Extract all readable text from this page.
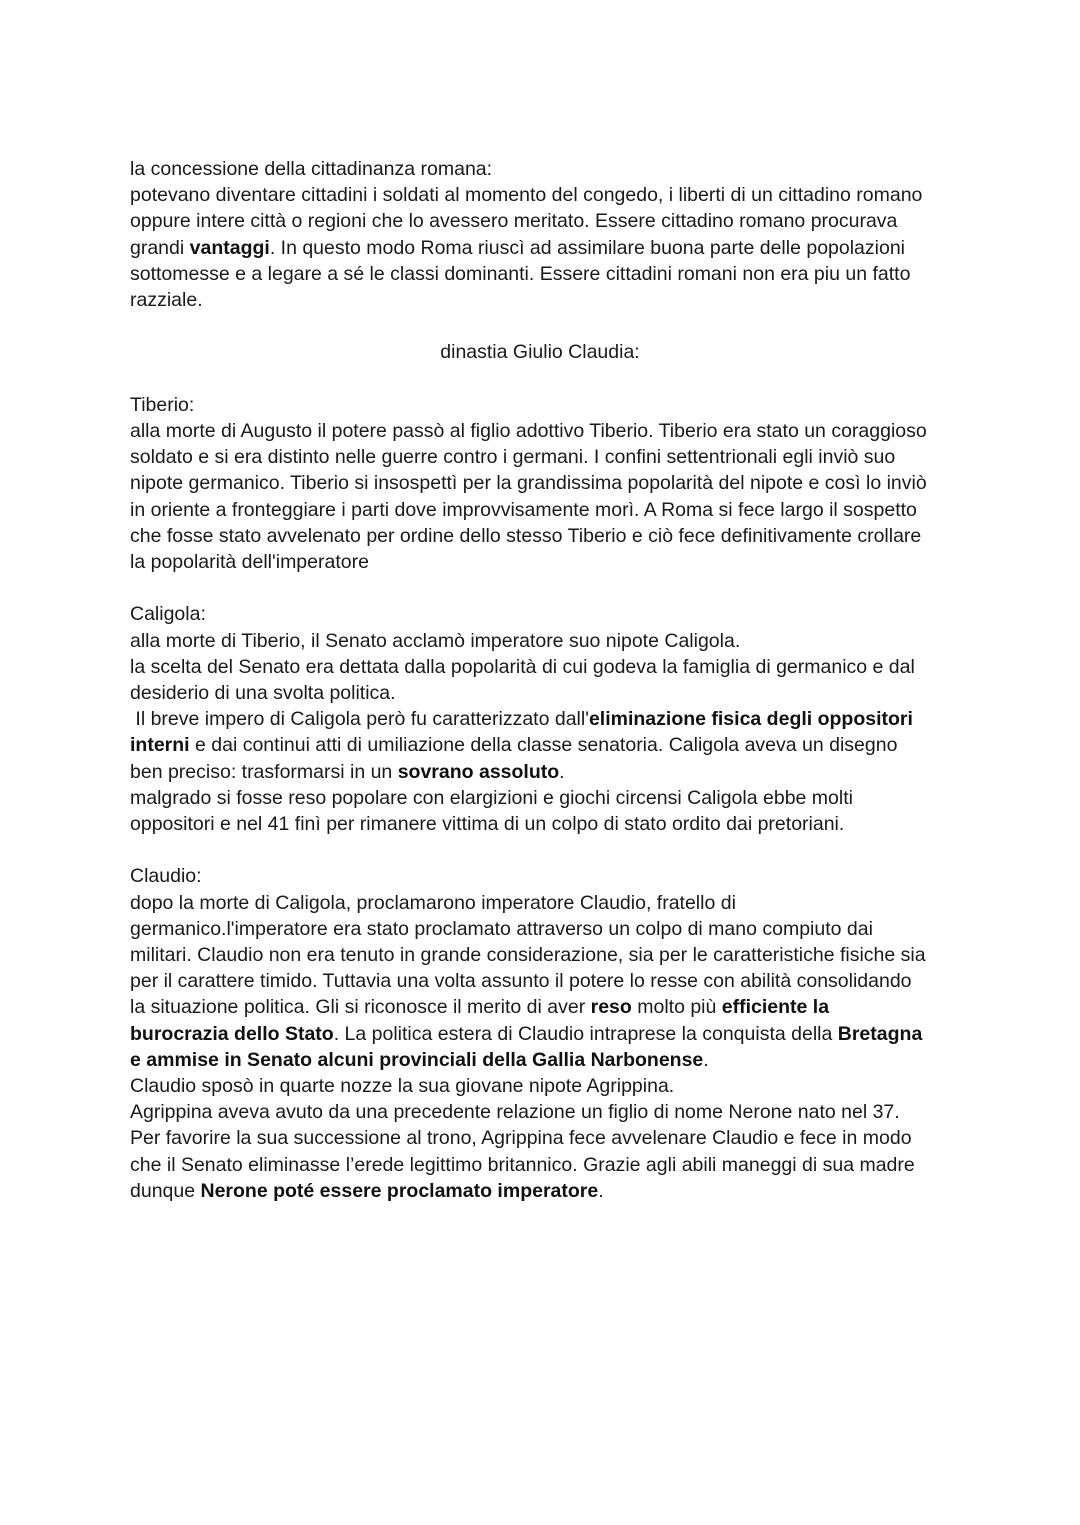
la concessione della cittadinanza romana:
potevano diventare cittadini i soldati al momento del congedo, i liberti di un cittadino romano
oppure intere città o regioni che lo avessero meritato. Essere cittadino romano procurava
grandi vantaggi. In questo modo Roma riuscì ad assimilare buona parte delle popolazioni
sottomesse e a legare a sé le classi dominanti. Essere cittadini romani non era piu un fatto
razziale.
dinastia Giulio Claudia:
Tiberio:
alla morte di Augusto il potere passò al figlio adottivo Tiberio. Tiberio era stato un coraggioso
soldato e si era distinto nelle guerre contro i germani. I confini settentrionali egli inviò suo
nipote germanico. Tiberio si insospettì per la grandissima popolarità del nipote e così lo inviò
in oriente a fronteggiare i parti dove improvvisamente morì. A Roma si fece largo il sospetto
che fosse stato avvelenato per ordine dello stesso Tiberio e ciò fece definitivamente crollare
la popolarità dell'imperatore
Caligola:
alla morte di Tiberio, il Senato acclamò imperatore suo nipote Caligola.
la scelta del Senato era dettata dalla popolarità di cui godeva la famiglia di germanico e dal
desiderio di una svolta politica.
Il breve impero di Caligola però fu caratterizzato dall'eliminazione fisica degli oppositori
interni e dai continui atti di umiliazione della classe senatoria. Caligola aveva un disegno
ben preciso: trasformarsi in un sovrano assoluto.
malgrado si fosse reso popolare con elargizioni e giochi circensi Caligola ebbe molti
oppositori e nel 41 finì per rimanere vittima di un colpo di stato ordito dai pretoriani.
Claudio:
dopo la morte di Caligola, proclamarono imperatore Claudio, fratello di
germanico.l'imperatore era stato proclamato attraverso un colpo di mano compiuto dai
militari. Claudio non era tenuto in grande considerazione, sia per le caratteristiche fisiche sia
per il carattere timido. Tuttavia una volta assunto il potere lo resse con abilità consolidando
la situazione politica. Gli si riconosce il merito di aver reso molto più efficiente la
burocrazia dello Stato. La politica estera di Claudio intraprese la conquista della Bretagna
e ammise in Senato alcuni provinciali della Gallia Narbonense.
Claudio sposò in quarte nozze la sua giovane nipote Agrippina.
Agrippina aveva avuto da una precedente relazione un figlio di nome Nerone nato nel 37.
Per favorire la sua successione al trono, Agrippina fece avvelenare Claudio e fece in modo
che il Senato eliminasse l’erede legittimo britannico. Grazie agli abili maneggi di sua madre
dunque Nerone poté essere proclamato imperatore.
